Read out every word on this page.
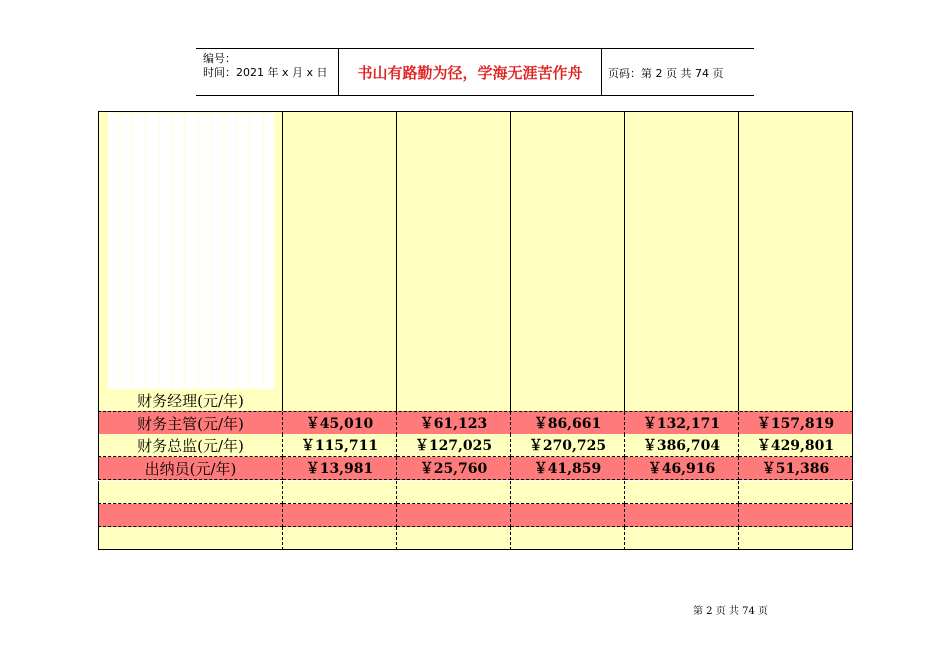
编号：
时间：2021 年 x 月 x 日	书山有路勤为径，学海无涯苦作舟	页码：第 2 页 共 74 页
财务经理(元/年)
财务主管(元/年)	￥45,010	￥61,123	￥86,661	￥132,171	￥157,819
财务总监(元/年)	￥115,711	￥127,025	￥270,725	￥386,704	￥429,801
出纳员(元/年)	￥13,981	￥25,760	￥41,859	￥46,916	￥51,386
第 2 页 共 74 页
